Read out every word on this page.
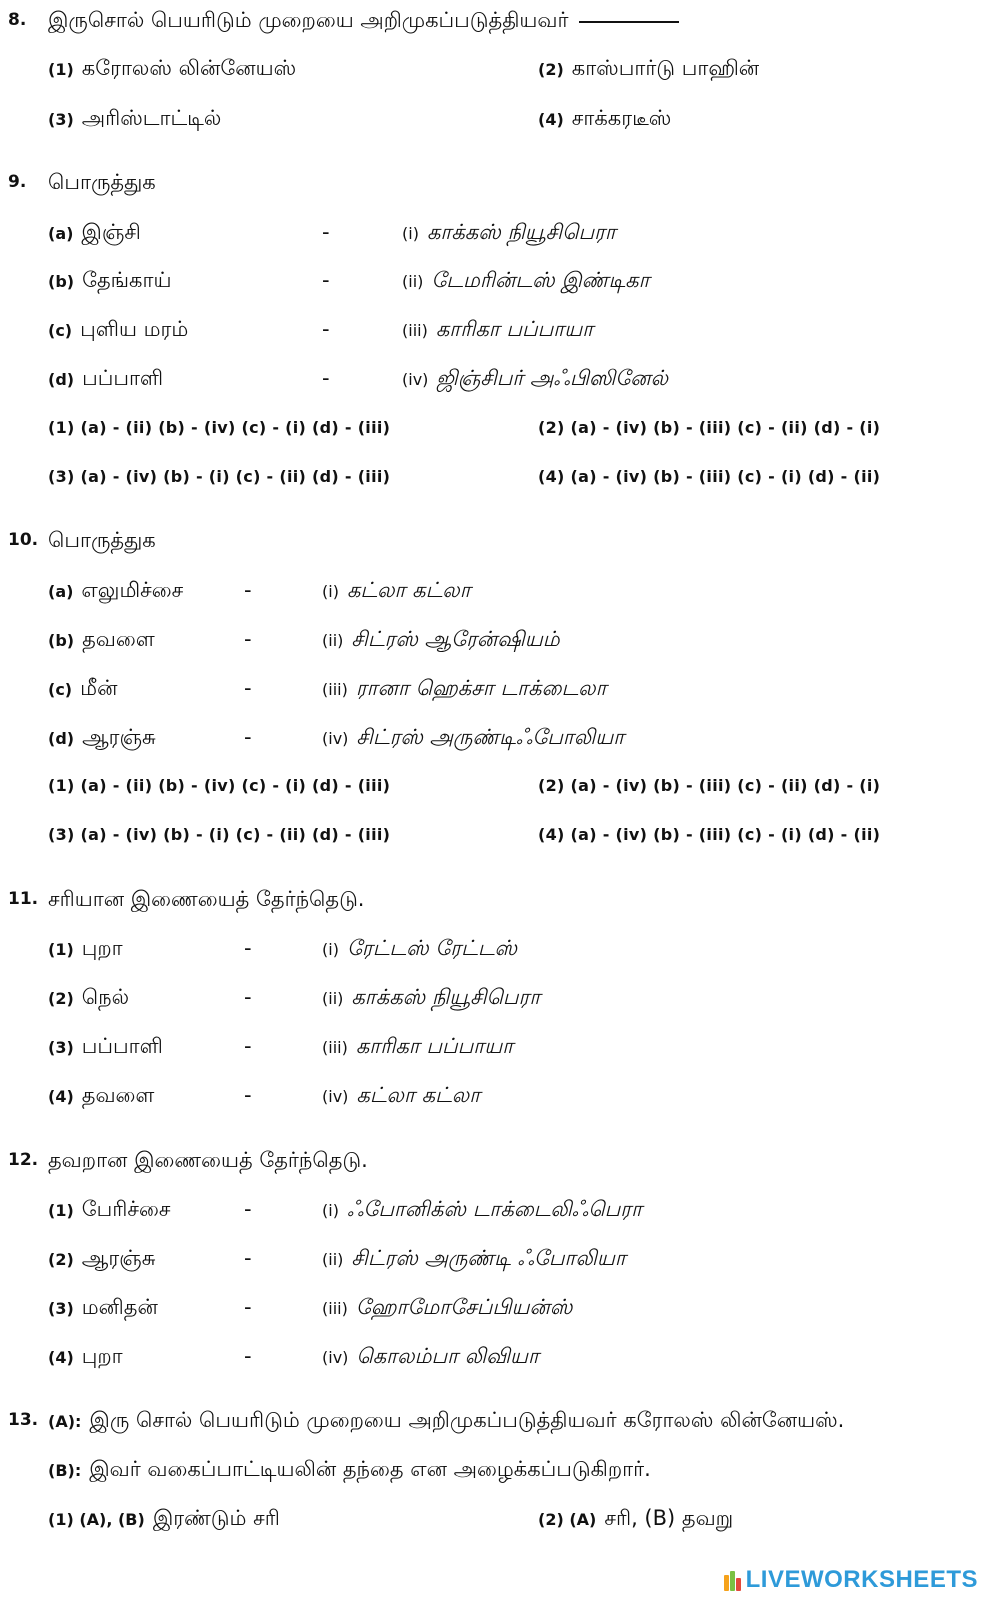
8. இருசொல் பெயரிடும் முறையை அறிமுகப்படுத்தியவர்
(1) கரோலஸ் லின்னேயஸ்	(2) காஸ்பார்டு பாஹின்
(3) அரிஸ்டாட்டில்	(4) சாக்கரடீஸ்
9. பொருத்துக
(a) இஞ்சி	-	(i) காக்கஸ் நியூசிபெரா
(b) தேங்காய்	-	(ii) டேமரின்டஸ் இண்டிகா
(c) புளிய மரம்	-	(iii) காரிகா பப்பாயா
(d) பப்பாளி	-	(iv) ஜிஞ்சிபர் அஃபிஸினேல்
(1) (a) - (ii) (b) - (iv) (c) - (i) (d) - (iii)	(2) (a) - (iv) (b) - (iii) (c) - (ii) (d) - (i)
(3) (a) - (iv) (b) - (i) (c) - (ii) (d) - (iii)	(4) (a) - (iv) (b) - (iii) (c) - (i) (d) - (ii)
10. பொருத்துக
(a) எலுமிச்சை	-	(i) கட்லா கட்லா
(b) தவளை	-	(ii) சிட்ரஸ் ஆரேன்ஷியம்
(c) மீன்	-	(iii) ரானா ஹெக்சா டாக்டைலா
(d) ஆரஞ்சு	-	(iv) சிட்ரஸ் அருண்டிஃபோலியா
(1) (a) - (ii) (b) - (iv) (c) - (i) (d) - (iii)	(2) (a) - (iv) (b) - (iii) (c) - (ii) (d) - (i)
(3) (a) - (iv) (b) - (i) (c) - (ii) (d) - (iii)	(4) (a) - (iv) (b) - (iii) (c) - (i) (d) - (ii)
11. சரியான இணையைத் தேர்ந்தெடு.
(1) புறா	-	(i) ரேட்டஸ் ரேட்டஸ்
(2) நெல்	-	(ii) காக்கஸ் நியூசிபெரா
(3) பப்பாளி	-	(iii) காரிகா பப்பாயா
(4) தவளை	-	(iv) கட்லா கட்லா
12. தவறான இணையைத் தேர்ந்தெடு.
(1) பேரிச்சை	-	(i) ஃபோனிக்ஸ் டாக்டைலிஃபெரா
(2) ஆரஞ்சு	-	(ii) சிட்ரஸ் அருண்டி ஃபோலியா
(3) மனிதன்	-	(iii) ஹோமோசேப்பியன்ஸ்
(4) புறா	-	(iv) கொலம்பா லிவியா
13. (A): இரு சொல் பெயரிடும் முறையை அறிமுகப்படுத்தியவர் கரோலஸ் லின்னேயஸ்.
(B): இவர் வகைப்பாட்டியலின் தந்தை என அழைக்கப்படுகிறார்.
(1) (A), (B) இரண்டும் சரி	(2) (A) சரி, (B) தவறு
LIVEWORKSHEETS
